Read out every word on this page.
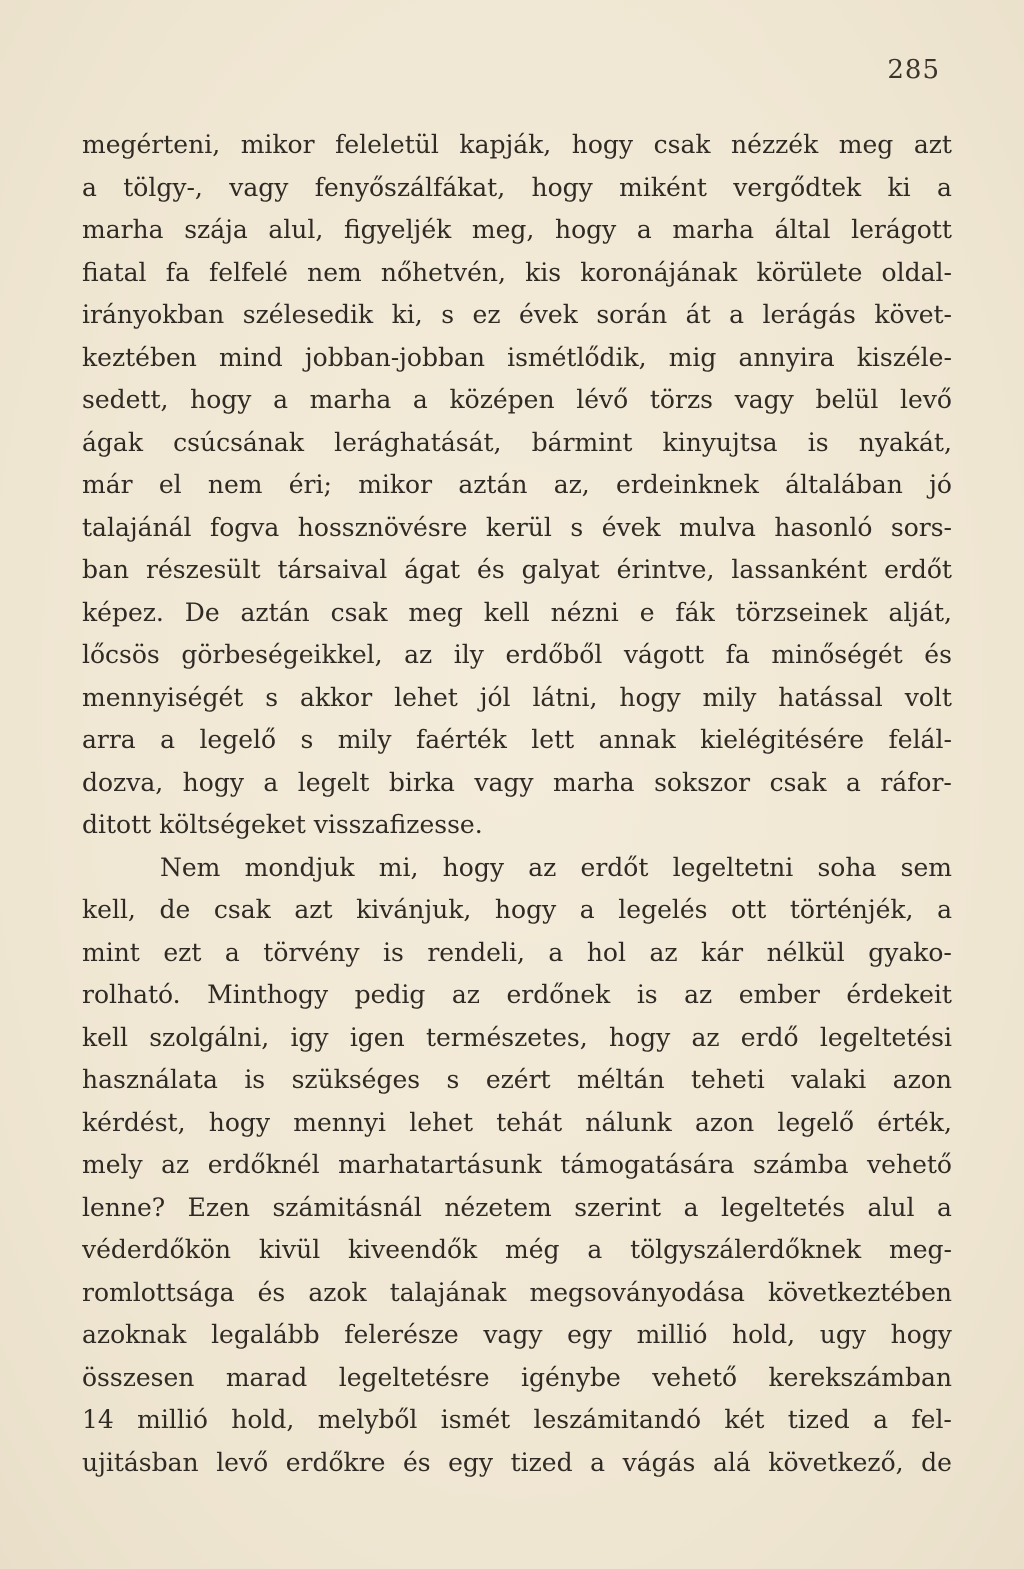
285
megérteni, mikor feleletül kapják, hogy csak nézzék meg azt
a tölgy-, vagy fenyőszálfákat, hogy miként vergődtek ki a
marha szája alul, figyeljék meg, hogy a marha által lerágott
fiatal fa felfelé nem nőhetvén, kis koronájának körülete oldal-
irányokban szélesedik ki, s ez évek során át a lerágás követ-
keztében mind jobban-jobban ismétlődik, mig annyira kiszéle-
sedett, hogy a marha a középen lévő törzs vagy belül levő
ágak csúcsának lerághatását, bármint kinyujtsa is nyakát,
már el nem éri; mikor aztán az, erdeinknek általában jó
talajánál fogva hossznövésre kerül s évek mulva hasonló sors-
ban részesült társaival ágat és galyat érintve, lassanként erdőt
képez. De aztán csak meg kell nézni e fák törzseinek alját,
lőcsös görbeségeikkel, az ily erdőből vágott fa minőségét és
mennyiségét s akkor lehet jól látni, hogy mily hatással volt
arra a legelő s mily faérték lett annak kielégitésére felál-
dozva, hogy a legelt birka vagy marha sokszor csak a ráfor-
ditott költségeket visszafizesse.
Nem mondjuk mi, hogy az erdőt legeltetni soha sem
kell, de csak azt kivánjuk, hogy a legelés ott történjék, a
mint ezt a törvény is rendeli, a hol az kár nélkül gyako-
rolható. Minthogy pedig az erdőnek is az ember érdekeit
kell szolgálni, igy igen természetes, hogy az erdő legeltetési
használata is szükséges s ezért méltán teheti valaki azon
kérdést, hogy mennyi lehet tehát nálunk azon legelő érték,
mely az erdőknél marhatartásunk támogatására számba vehető
lenne? Ezen számitásnál nézetem szerint a legeltetés alul a
véderdőkön kivül kiveendők még a tölgyszálerdőknek meg-
romlottsága és azok talajának megsoványodása következtében
azoknak legalább felerésze vagy egy millió hold, ugy hogy
összesen marad legeltetésre igénybe vehető kerekszámban
14 millió hold, melyből ismét leszámitandó két tized a fel-
ujitásban levő erdőkre és egy tized a vágás alá következő, de
